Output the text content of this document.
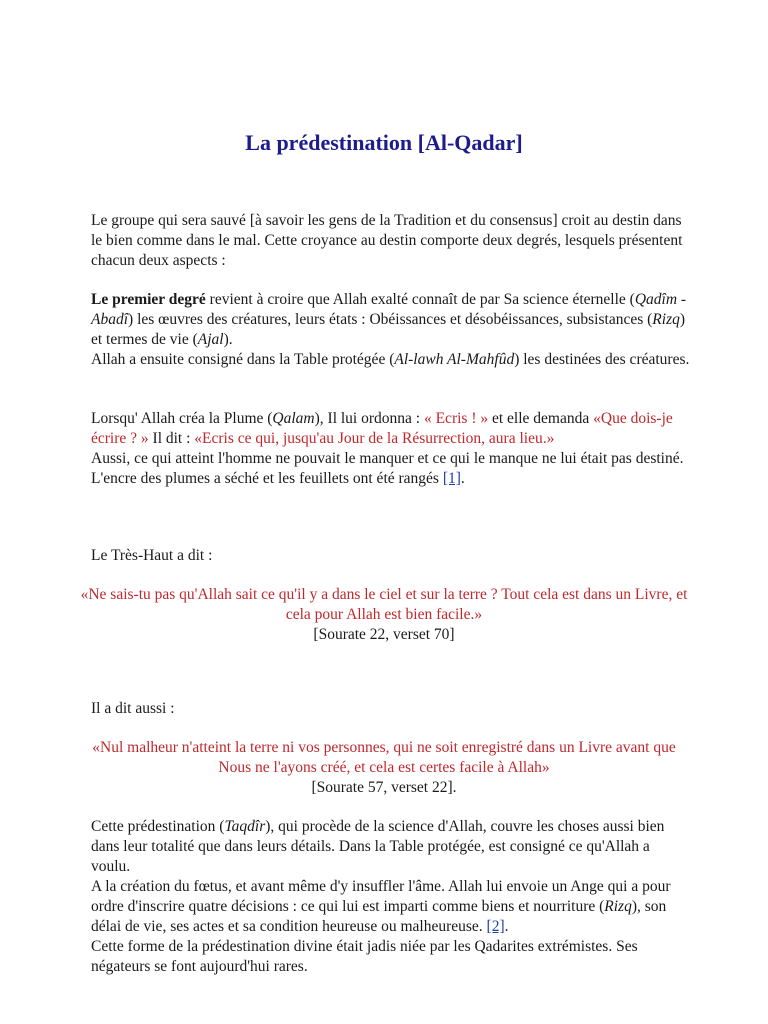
La prédestination [Al-Qadar]
Le groupe qui sera sauvé [à savoir les gens de la Tradition et du consensus] croit au destin dans le bien comme dans le mal. Cette croyance au destin comporte deux degrés, lesquels présentent chacun deux aspects :
Le premier degré revient à croire que Allah exalté connaît de par Sa science éternelle (Qadîm - Abadî) les œuvres des créatures, leurs états : Obéissances et désobéissances, subsistances (Rizq) et termes de vie (Ajal).
Allah a ensuite consigné dans la Table protégée (Al-lawh Al-Mahfûd) les destinées des créatures.
Lorsqu' Allah créa la Plume (Qalam), Il lui ordonna : « Ecris ! » et elle demanda «Que dois-je écrire ? » Il dit : «Ecris ce qui, jusqu'au Jour de la Résurrection, aura lieu.»
Aussi, ce qui atteint l'homme ne pouvait le manquer et ce qui le manque ne lui était pas destiné.
L'encre des plumes a séché et les feuillets ont été rangés [1].
Le Très-Haut a dit :
«Ne sais-tu pas qu'Allah sait ce qu'il y a dans le ciel et sur la terre ? Tout cela est dans un Livre, et cela pour Allah est bien facile.»
[Sourate 22, verset 70]
Il a dit aussi :
«Nul malheur n'atteint la terre ni vos personnes, qui ne soit enregistré dans un Livre avant que Nous ne l'ayons créé, et cela est certes facile à Allah»
[Sourate 57, verset 22].
Cette prédestination (Taqdîr), qui procède de la science d'Allah, couvre les choses aussi bien dans leur totalité que dans leurs détails. Dans la Table protégée, est consigné ce qu'Allah a voulu.
A la création du fœtus, et avant même d'y insuffler l'âme. Allah lui envoie un Ange qui a pour ordre d'inscrire quatre décisions : ce qui lui est imparti comme biens et nourriture (Rizq), son délai de vie, ses actes et sa condition heureuse ou malheureuse. [2].
Cette forme de la prédestination divine était jadis niée par les Qadarites extrémistes. Ses négateurs se font aujourd'hui rares.
